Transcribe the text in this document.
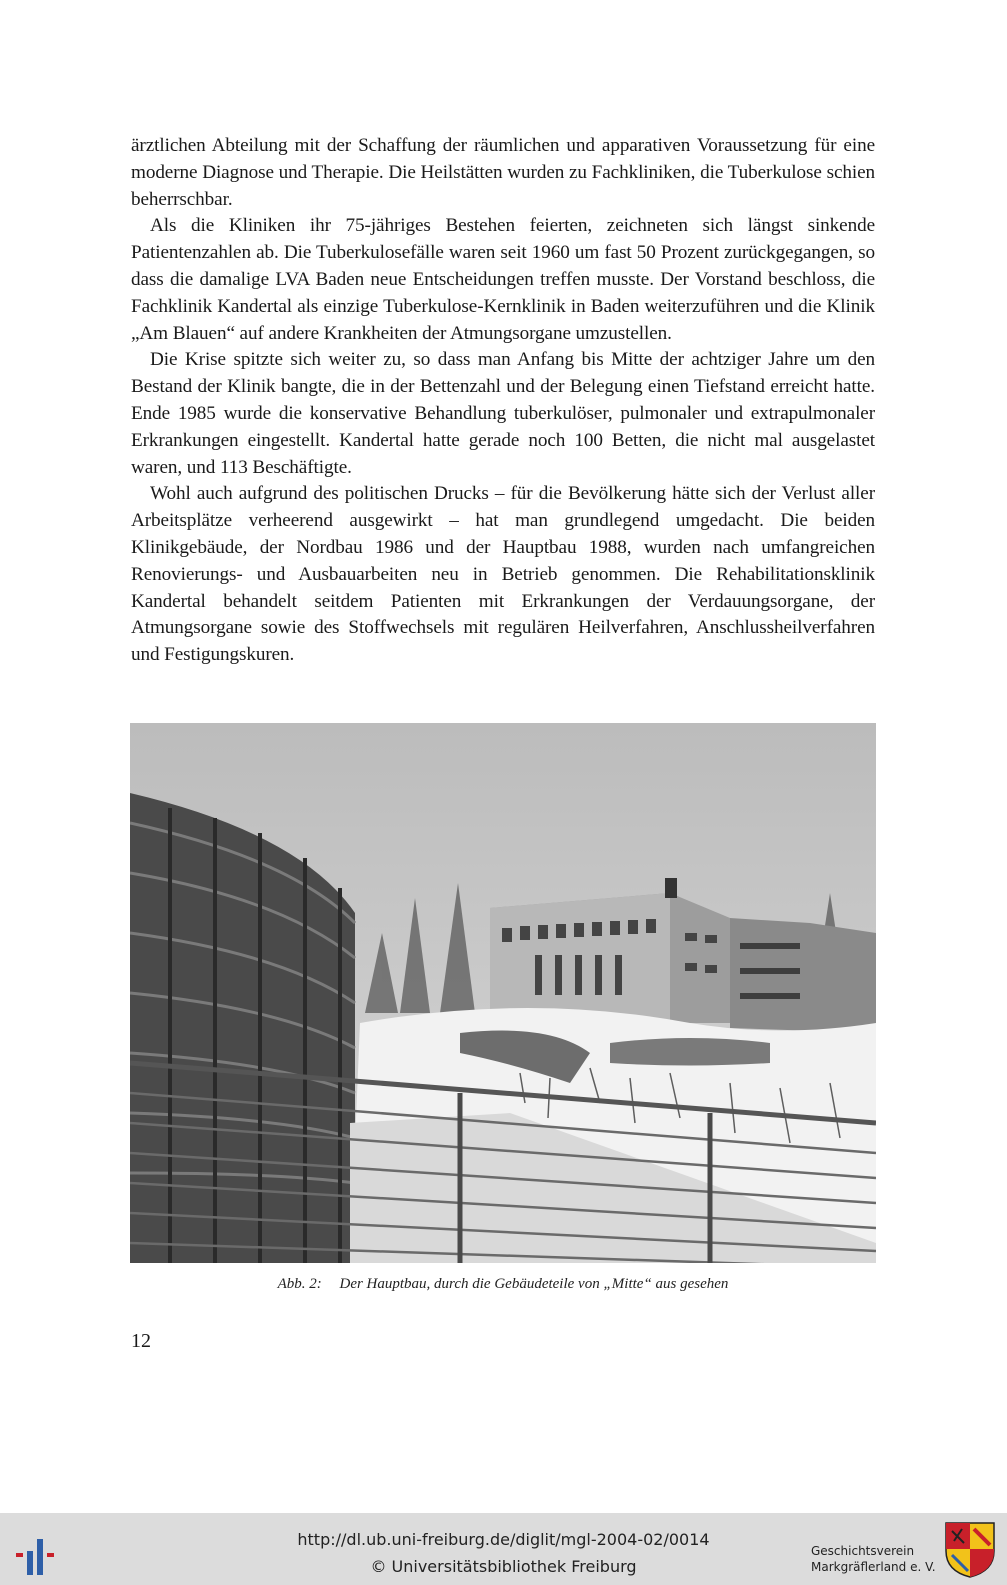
ärztlichen Abteilung mit der Schaffung der räumlichen und apparativen Voraussetzung für eine moderne Diagnose und Therapie. Die Heilstätten wurden zu Fachkliniken, die Tuberkulose schien beherrschbar.

Als die Kliniken ihr 75-jähriges Bestehen feierten, zeichneten sich längst sinkende Patientenzahlen ab. Die Tuberkulosefälle waren seit 1960 um fast 50 Prozent zurückgegangen, so dass die damalige LVA Baden neue Entscheidungen treffen musste. Der Vorstand beschloss, die Fachklinik Kandertal als einzige Tuberkulose-Kernklinik in Baden weiterzuführen und die Klinik „Am Blauen“ auf andere Krankheiten der Atmungsorgane umzustellen.

Die Krise spitzte sich weiter zu, so dass man Anfang bis Mitte der achtziger Jahre um den Bestand der Klinik bangte, die in der Bettenzahl und der Belegung einen Tiefstand erreicht hatte. Ende 1985 wurde die konservative Behandlung tuberkulöser, pulmonaler und extrapulmonaler Erkrankungen eingestellt. Kandertal hatte gerade noch 100 Betten, die nicht mal ausgelastet waren, und 113 Beschäftigte.

Wohl auch aufgrund des politischen Drucks – für die Bevölkerung hätte sich der Verlust aller Arbeitsplätze verheerend ausgewirkt – hat man grundlegend umgedacht. Die beiden Klinikgebäude, der Nordbau 1986 und der Hauptbau 1988, wurden nach umfangreichen Renovierungs- und Ausbauarbeiten neu in Betrieb genommen. Die Rehabilitationsklinik Kandertal behandelt seitdem Patienten mit Erkrankungen der Verdauungsorgane, der Atmungsorgane sowie des Stoffwechsels mit regulären Heilverfahren, Anschlussheilverfahren und Festigungskuren.

Abb. 2: Der Hauptbau, durch die Gebäudeteile von „Mitte“ aus gesehen
12
http://dl.ub.uni-freiburg.de/diglit/mgl-2004-02/0014
© Universitätsbibliothek Freiburg
Geschichtsverein
Markgräflerland e. V.
